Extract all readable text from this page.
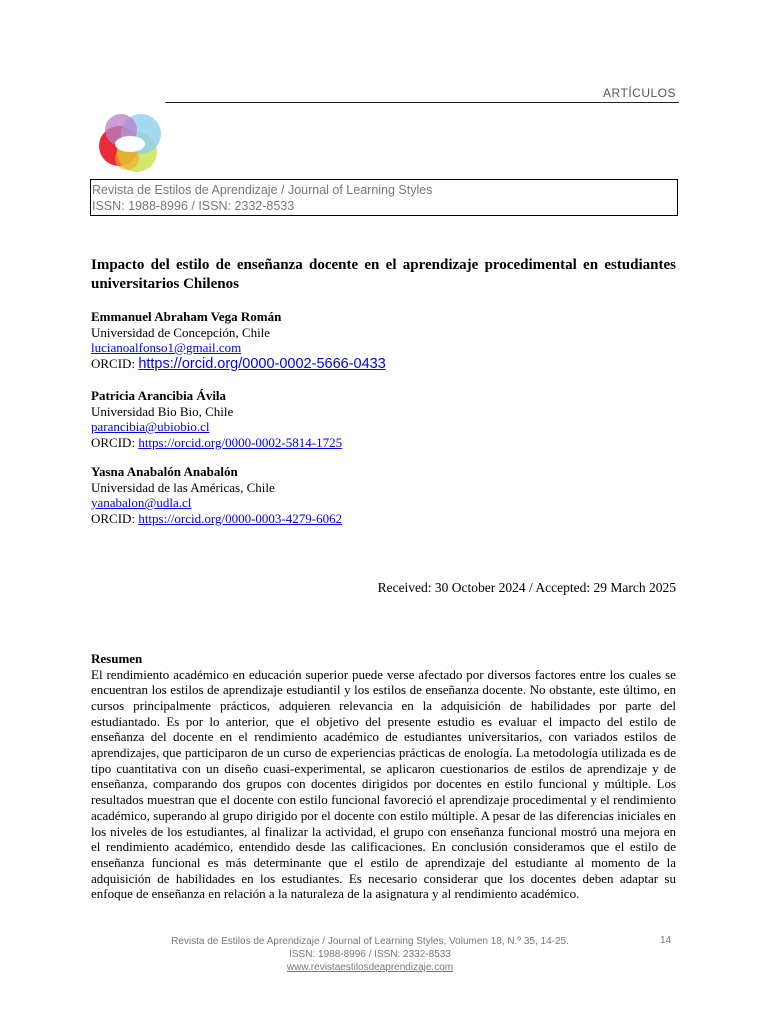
ARTÍCULOS
Revista de Estilos de Aprendizaje / Journal of Learning Styles
ISSN: 1988-8996 / ISSN: 2332-8533
Impacto del estilo de enseñanza docente en el aprendizaje procedimental en estudiantes universitarios Chilenos
Emmanuel Abraham Vega Román
Universidad de Concepción, Chile
lucianoalfonso1@gmail.com
ORCID: https://orcid.org/0000-0002-5666-0433
Patricia Arancibia Ávila
Universidad Bio Bio, Chile
parancibia@ubiobio.cl
ORCID: https://orcid.org/0000-0002-5814-1725
Yasna Anabalón Anabalón
Universidad de las Américas, Chile
yanabalon@udla.cl
ORCID: https://orcid.org/0000-0003-4279-6062
Received: 30 October 2024 / Accepted: 29 March 2025
Resumen

El rendimiento académico en educación superior puede verse afectado por diversos factores entre los cuales se encuentran los estilos de aprendizaje estudiantil y los estilos de enseñanza docente. No obstante, este último, en cursos principalmente prácticos, adquieren relevancia en la adquisición de habilidades por parte del estudiantado. Es por lo anterior, que el objetivo del presente estudio es evaluar el impacto del estilo de enseñanza del docente en el rendimiento académico de estudiantes universitarios, con variados estilos de aprendizajes, que participaron de un curso de experiencias prácticas de enología. La metodología utilizada es de tipo cuantitativa con un diseño cuasi-experimental, se aplicaron cuestionarios de estilos de aprendizaje y de enseñanza, comparando dos grupos con docentes dirigidos por docentes en estilo funcional y múltiple. Los resultados muestran que el docente con estilo funcional favoreció el aprendizaje procedimental y el rendimiento académico, superando al grupo dirigido por el docente con estilo múltiple. A pesar de las diferencias iniciales en los niveles de los estudiantes, al finalizar la actividad, el grupo con enseñanza funcional mostró una mejora en el rendimiento académico, entendido desde las calificaciones. En conclusión consideramos que el estilo de enseñanza funcional es más determinante que el estilo de aprendizaje del estudiante al momento de la adquisición de habilidades en los estudiantes. Es necesario considerar que los docentes deben adaptar su enfoque de enseñanza en relación a la naturaleza de la asignatura y al rendimiento académico.

Revista de Estilos de Aprendizaje / Journal of Learning Styles, Volumen 18, N.º 35, 14-25.
ISSN: 1988-8996 / ISSN: 2332-8533
www.revistaestilosdeaprendizaje.com
14
